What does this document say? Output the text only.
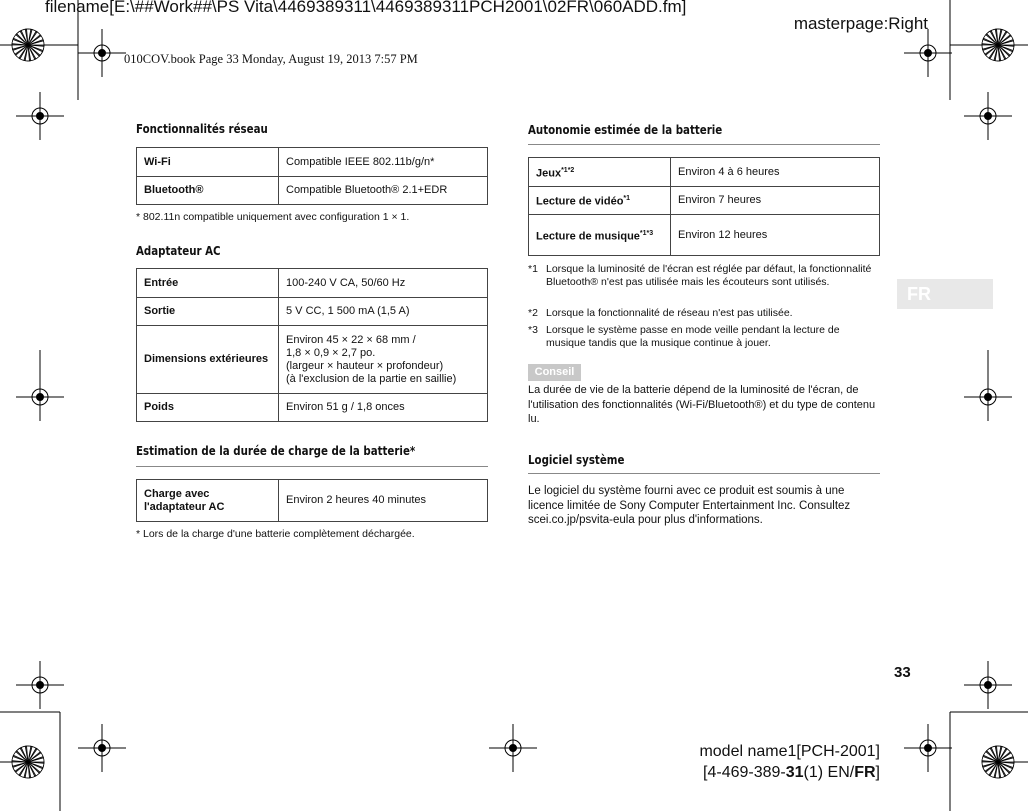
filename[E:\##Work##\PS Vita\4469389311\4469389311PCH2001\02FR\060ADD.fm]
masterpage:Right
010COV.book Page 33 Monday, August 19, 2013 7:57 PM
Fonctionnalités réseau
Wi-Fi	Compatible IEEE 802.11b/g/n*
Bluetooth®	Compatible Bluetooth® 2.1+EDR
* 802.11n compatible uniquement avec configuration 1 × 1.
Adaptateur AC
Entrée	100-240 V CA, 50/60 Hz
Sortie	5 V CC, 1 500 mA (1,5 A)
Dimensions extérieures	Environ 45 × 22 × 68 mm /
1,8 × 0,9 × 2,7 po.
(largeur × hauteur × profondeur)
(à l'exclusion de la partie en saillie)
Poids	Environ 51 g / 1,8 onces
Estimation de la durée de charge de la batterie*
Charge avec l'adaptateur AC	Environ 2 heures 40 minutes
* Lors de la charge d'une batterie complètement déchargée.
Autonomie estimée de la batterie
Jeux$^{*1*2}$	Environ 4 à 6 heures
Lecture de vidéo$^{*1}$	Environ 7 heures
Lecture de musique$^{*1*3}$	Environ 12 heures
*1 Lorsque la luminosité de l'écran est réglée par défaut, la fonctionnalité Bluetooth® n'est pas utilisée mais les écouteurs sont utilisés.
*2 Lorsque la fonctionnalité de réseau n'est pas utilisée.
*3 Lorsque le système passe en mode veille pendant la lecture de musique tandis que la musique continue à jouer.
Conseil
La durée de vie de la batterie dépend de la luminosité de l'écran, de l'utilisation des fonctionnalités (Wi-Fi/Bluetooth®) et du type de contenu lu.
Logiciel système
Le logiciel du système fourni avec ce produit est soumis à une licence limitée de Sony Computer Entertainment Inc. Consultez scei.co.jp/psvita-eula pour plus d'informations.
FR
33
model name1[PCH-2001]
[4-469-389-31(1) EN/FR]
